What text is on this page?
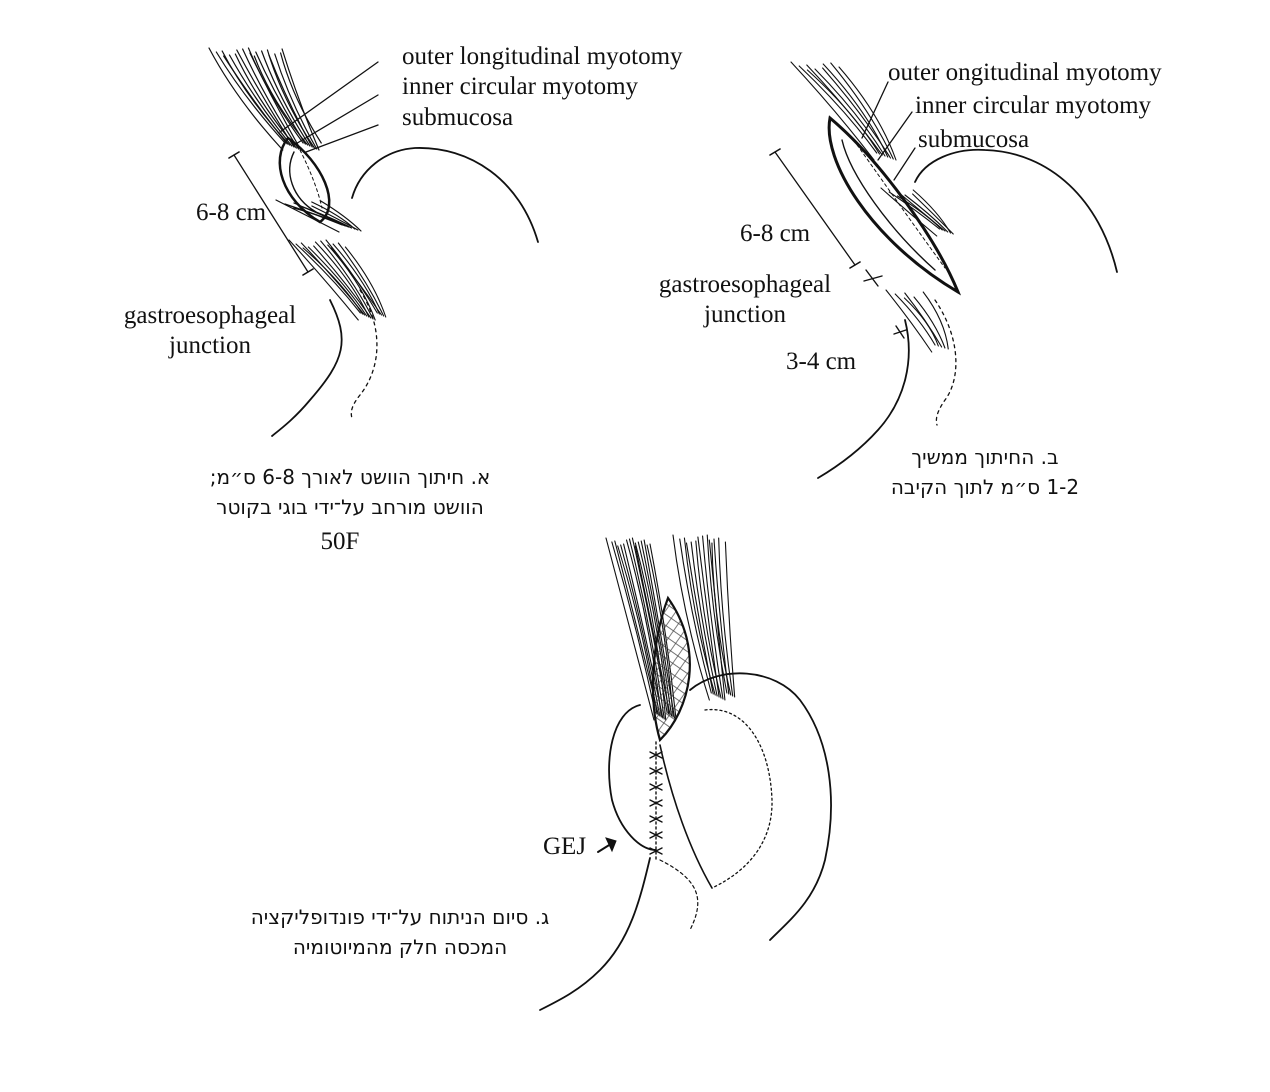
outer longitudinal myotomy
inner circular myotomy
submucosa
6-8 cm
gastroesophageal
junction
א. חיתוך הוושט לאורך 6-8 ס״מ;
הוושט מורחב על־ידי בוגי בקוטר
50F
outer ongitudinal myotomy
inner circular myotomy
submucosa
6-8 cm
gastroesophageal
junction
3-4 cm
ב. החיתוך ממשיך
1-2 ס״מ לתוך הקיבה
GEJ
ג. סיום הניתוח על־ידי פונדופליקציה
המכסה חלק מהמיוטומיה
